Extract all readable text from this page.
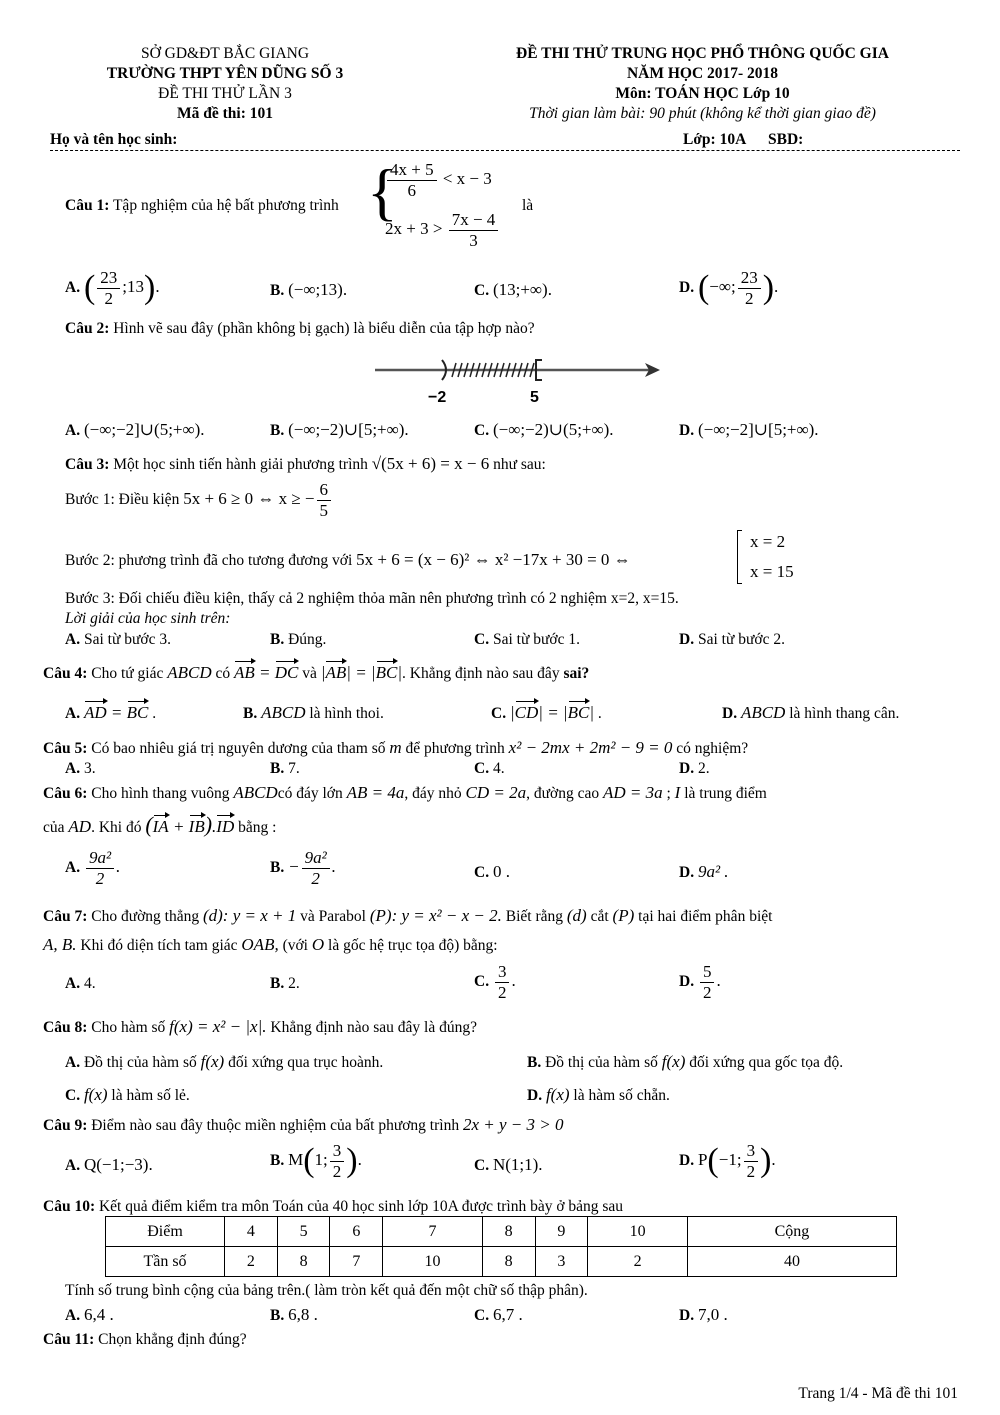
SỞ GD&ĐT BẮC GIANG
TRƯỜNG THPT YÊN DŨNG SỐ 3
ĐỀ THI THỬ LẦN 3
Mã đề thi: 101
ĐỀ THI THỬ TRUNG HỌC PHỔ THÔNG QUỐC GIA
NĂM HỌC 2017- 2018
Môn: TOÁN HỌC Lớp 10
Thời gian làm bài: 90 phút (không kể thời gian giao đề)
Họ và tên học sinh:	Lớp: 10A SBD:
Câu 1: Tập nghiệm của hệ bất phương trình {
$\frac{4x + 5}{6} < x - 3$
$2x + 3 > \frac{7x - 4}{3}$
là
A. ( $\frac{23}{2}$ ;13).	B. (−∞;13).	C. (13;+∞).	D. (−∞; $\frac{23}{2}$ ).
Câu 2: Hình vẽ sau đây (phần không bị gạch) là biểu diễn của tập hợp nào?
−2	5
A. (−∞;−2]∪(5;+∞).	B. (−∞;−2)∪[5;+∞).	C. (−∞;−2)∪(5;+∞).	D. (−∞;−2]∪[5;+∞).
Câu 3: Một học sinh tiến hành giải phương trình √(5x + 6) = x − 6 như sau:
Bước 1: Điều kiện 5x + 6 ≥ 0 ⇔ x ≥ − $\frac{6}{5}$
Bước 2: phương trình đã cho tương đương với 5x + 6 = (x − 6)² ⇔ x² −17x + 30 = 0 ⇔
x = 2
x = 15
Bước 3: Đối chiếu điều kiện, thấy cả 2 nghiệm thỏa mãn nên phương trình có 2 nghiệm x=2, x=15.
Lời giải của học sinh trên:
A. Sai từ bước 3.	B. Đúng.	C. Sai từ bước 1.	D. Sai từ bước 2.
Câu 4: Cho tứ giác ABCD có AB = DC và |AB| = |BC|. Khẳng định nào sau đây sai?
A. AD = BC .	B. ABCD là hình thoi.	C. |CD| = |BC| .	D. ABCD là hình thang cân.
Câu 5: Có bao nhiêu giá trị nguyên dương của tham số m để phương trình x² − 2mx + 2m² − 9 = 0 có nghiệm?
A. 3.	B. 7.	C. 4.	D. 2.
Câu 6: Cho hình thang vuông ABCDcó đáy lớn AB = 4a, đáy nhỏ CD = 2a, đường cao AD = 3a ; I là trung điểm
của AD. Khi đó (IA + IB).ID bằng :
A. $\frac{\text{9a²}}{2}$ .	B. − $\frac{\text{9a²}}{2}$ .	C. 0 .	D. 9a² .
Câu 7: Cho đường thẳng (d): y = x + 1 và Parabol (P): y = x² − x − 2. Biết rằng (d) cắt (P) tại hai điểm phân biệt
A, B. Khi đó diện tích tam giác OAB, (với O là gốc hệ trục tọa độ) bằng:
A. 4.	B. 2.	C. $\frac{3}{2}$ .	D. $\frac{5}{2}$ .
Câu 8: Cho hàm số f(x) = x² − |x|. Khẳng định nào sau đây là đúng?
A. Đồ thị của hàm số f(x) đối xứng qua trục hoành.	B. Đồ thị của hàm số f(x) đối xứng qua gốc tọa độ.
C. f(x) là hàm số lẻ.	D. f(x) là hàm số chẵn.
Câu 9: Điểm nào sau đây thuộc miền nghiệm của bất phương trình 2x + y − 3 > 0
A. Q(−1;−3).	B. M(1; $\frac{3}{2}$ ).	C. N(1;1).	D. P(−1; $\frac{3}{2}$ ).
Câu 10: Kết quả điểm kiểm tra môn Toán của 40 học sinh lớp 10A được trình bày ở bảng sau
Điểm	4	5	6	7	8	9	10	Cộng
Tần số	2	8	7	10	8	3	2	40
Tính số trung bình cộng của bảng trên.( làm tròn kết quả đến một chữ số thập phân).
A. 6,4 .	B. 6,8 .	C. 6,7 .	D. 7,0 .
Câu 11: Chọn khẳng định đúng?
Trang 1/4 - Mã đề thi 101
